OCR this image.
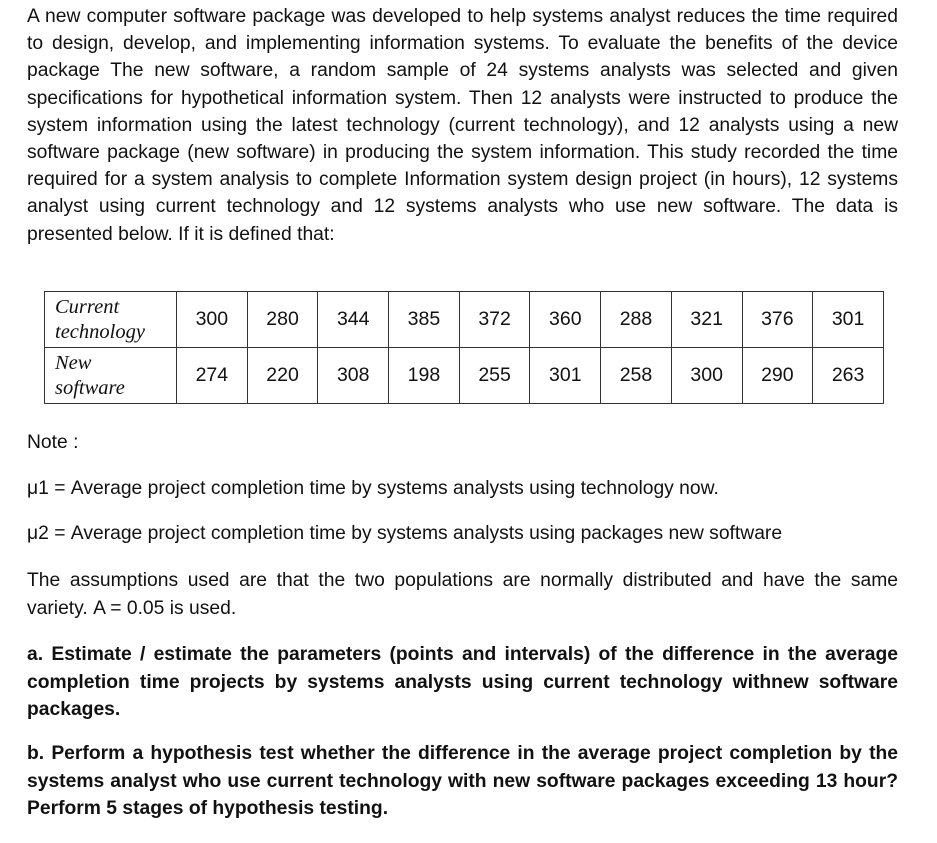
A new computer software package was developed to help systems analyst reduces the time required to design, develop, and implementing information systems. To evaluate the benefits of the device package The new software, a random sample of 24 systems analysts was selected and given specifications for hypothetical information system. Then 12 analysts were instructed to produce the system information using the latest technology (current technology), and 12 analysts using a new software package (new software) in producing the system information. This study recorded the time required for a system analysis to complete Information system design project (in hours), 12 systems analyst using current technology and 12 systems analysts who use new software. The data is presented below. If it is defined that:

Current
technology	300	280	344	385	372	360	288	321	376	301
New
software	274	220	308	198	255	301	258	300	290	263

Note :

μ1 = Average project completion time by systems analysts using technology now.

μ2 = Average project completion time by systems analysts using packages new software

The assumptions used are that the two populations are normally distributed and have the same variety. Α = 0.05 is used.

a. Estimate / estimate the parameters (points and intervals) of the difference in the average completion time projects by systems analysts using current technology withnew software packages.

b. Perform a hypothesis test whether the difference in the average project completion by the systems analyst who use current technology with new software packages exceeding 13 hour? Perform 5 stages of hypothesis testing.
